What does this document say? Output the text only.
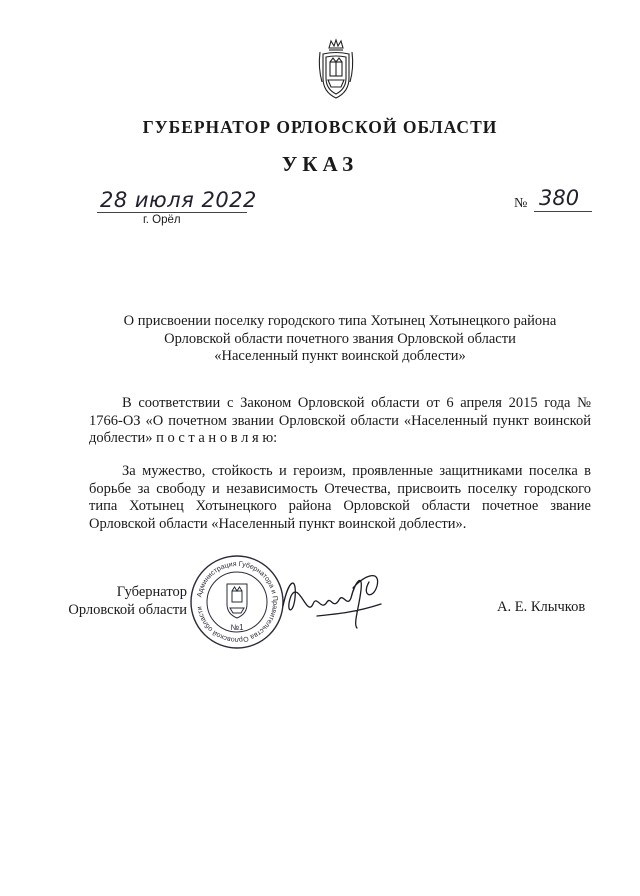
ГУБЕРНАТОР ОРЛОВСКОЙ ОБЛАСТИ
УКАЗ
28 июля 2022
г. Орёл
№ 380
О присвоении поселку городского типа Хотынец Хотынецкого района
Орловской области почетного звания Орловской области
«Населенный пункт воинской доблести»
В соответствии с Законом Орловской области от 6 апреля 2015 года № 1766-ОЗ «О почетном звании Орловской области «Населенный пункт воинской доблести» п о с т а н о в л я ю:
За мужество, стойкость и героизм, проявленные защитниками поселка в борьбе за свободу и независимость Отечества, присвоить поселку городского типа Хотынец Хотынецкого района Орловской области почетное звание Орловской области «Населенный пункт воинской доблести».
Губернатор
Орловской области
Администрация Губернатора и Правительства Орловской области
№1
А. Е. Клычков
